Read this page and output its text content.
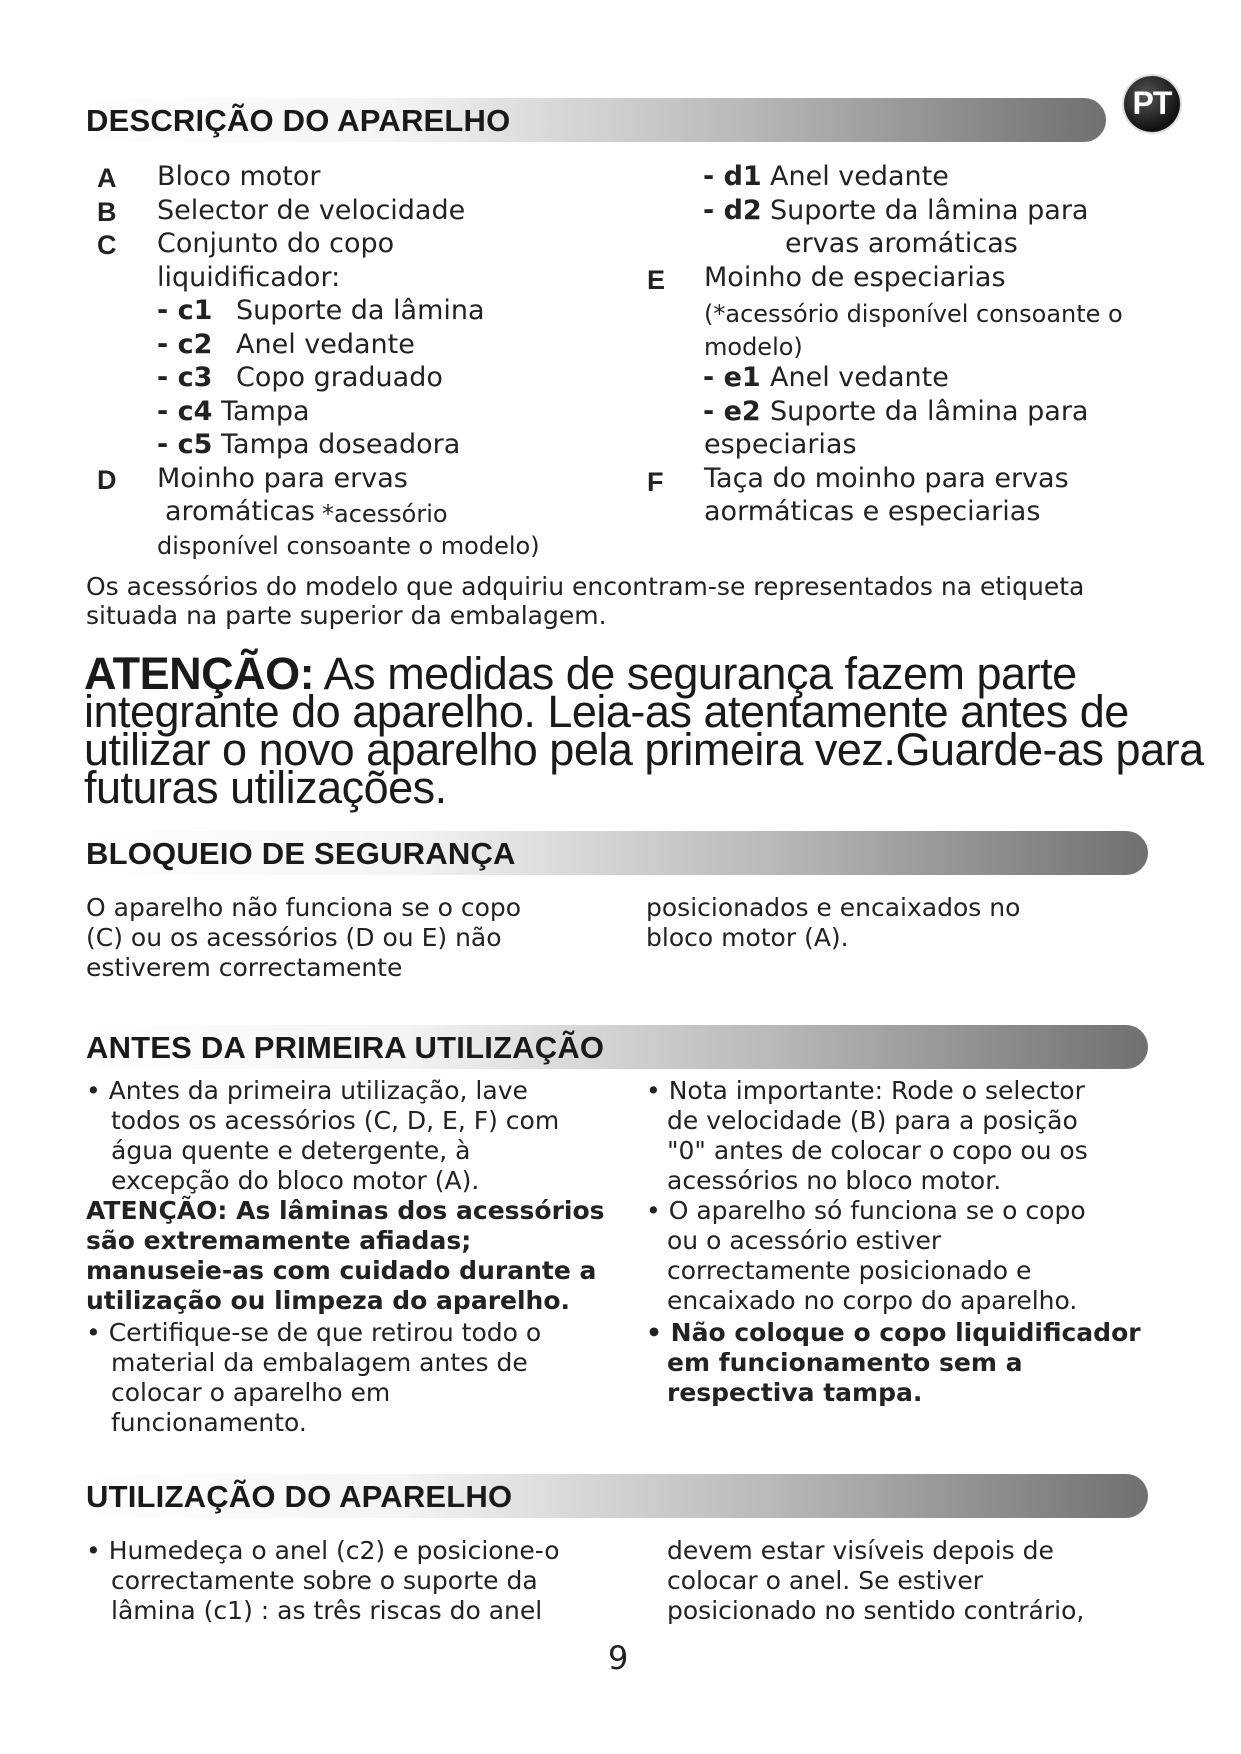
PT
DESCRIÇÃO DO APARELHO
A Bloco motor
B Selector de velocidade
C Conjunto do copo
liquidificador:
- c1 Suporte da lâmina
- c2 Anel vedante
- c3 Copo graduado
- c4 Tampa
- c5 Tampa doseadora
D Moinho para ervas
aromáticas *acessório
disponível consoante o modelo)
- d1 Anel vedante
- d2 Suporte da lâmina para
ervas aromáticas
E Moinho de especiarias
(*acessório disponível consoante o
modelo)
- e1 Anel vedante
- e2 Suporte da lâmina para
especiarias
F Taça do moinho para ervas
aormáticas e especiarias
Os acessórios do modelo que adquiriu encontram-se representados na etiqueta
situada na parte superior da embalagem.
ATENÇÃO: As medidas de segurança fazem parte
integrante do aparelho. Leia-as atentamente antes de
utilizar o novo aparelho pela primeira vez.Guarde-as para
futuras utilizações.
BLOQUEIO DE SEGURANÇA
O aparelho não funciona se o copo
(C) ou os acessórios (D ou E) não
estiverem correctamente
posicionados e encaixados no
bloco motor (A).
ANTES DA PRIMEIRA UTILIZAÇÃO
• Antes da primeira utilização, lave
todos os acessórios (C, D, E, F) com
água quente e detergente, à
excepção do bloco motor (A).
ATENÇÃO: As lâminas dos acessórios
são extremamente afiadas;
manuseie-as com cuidado durante a
utilização ou limpeza do aparelho.
• Certifique-se de que retirou todo o
material da embalagem antes de
colocar o aparelho em
funcionamento.
• Nota importante: Rode o selector
de velocidade (B) para a posição
"0" antes de colocar o copo ou os
acessórios no bloco motor.
• O aparelho só funciona se o copo
ou o acessório estiver
correctamente posicionado e
encaixado no corpo do aparelho.
• Não coloque o copo liquidificador
em funcionamento sem a
respectiva tampa.
UTILIZAÇÃO DO APARELHO
• Humedeça o anel (c2) e posicione-o
correctamente sobre o suporte da
lâmina (c1) : as três riscas do anel
devem estar visíveis depois de
colocar o anel. Se estiver
posicionado no sentido contrário,
9
